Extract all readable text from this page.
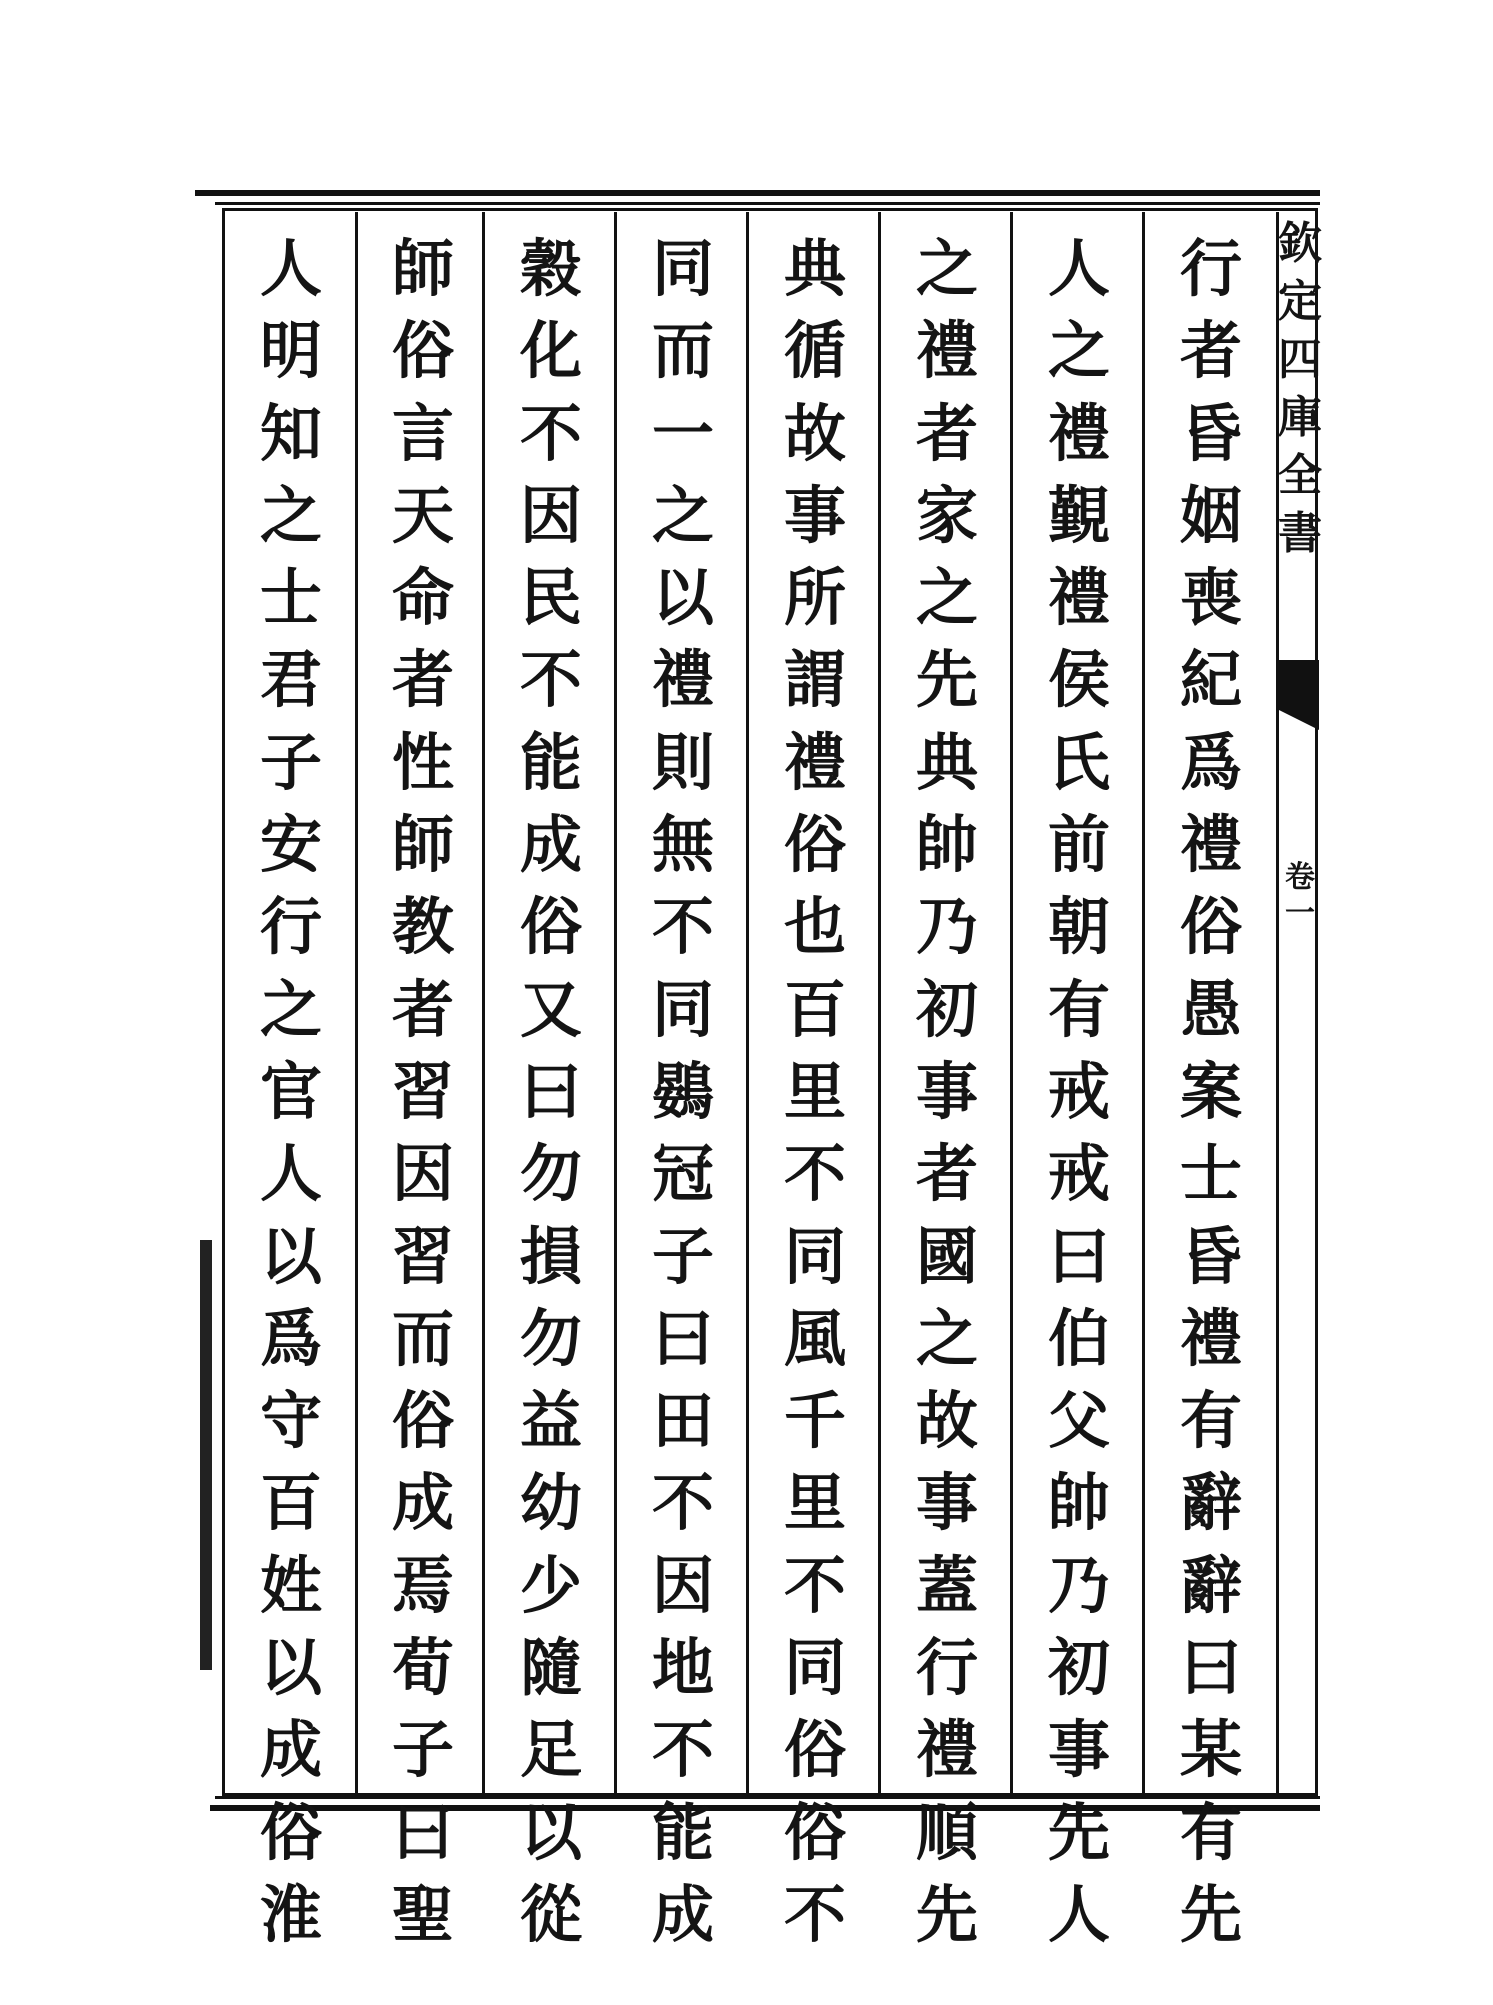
欽
定
四
庫
全
書
卷
一
行
者
昏
姻
喪
紀
爲
禮
俗
愚
案
士
昏
禮
有
辭
辭
曰
某
有
先
人
之
禮
覲
禮
侯
氏
前
朝
有
戒
戒
曰
伯
父
帥
乃
初
事
先
人
之
禮
者
家
之
先
典
帥
乃
初
事
者
國
之
故
事
蓋
行
禮
順
先
典
循
故
事
所
謂
禮
俗
也
百
里
不
同
風
千
里
不
同
俗
俗
不
同
而
一
之
以
禮
則
無
不
同
鷃
冠
子
曰
田
不
因
地
不
能
成
穀
化
不
因
民
不
能
成
俗
又
曰
勿
損
勿
益
幼
少
隨
足
以
從
師
俗
言
天
命
者
性
師
教
者
習
因
習
而
俗
成
焉
荀
子
曰
聖
人
明
知
之
士
君
子
安
行
之
官
人
以
爲
守
百
姓
以
成
俗
淮
